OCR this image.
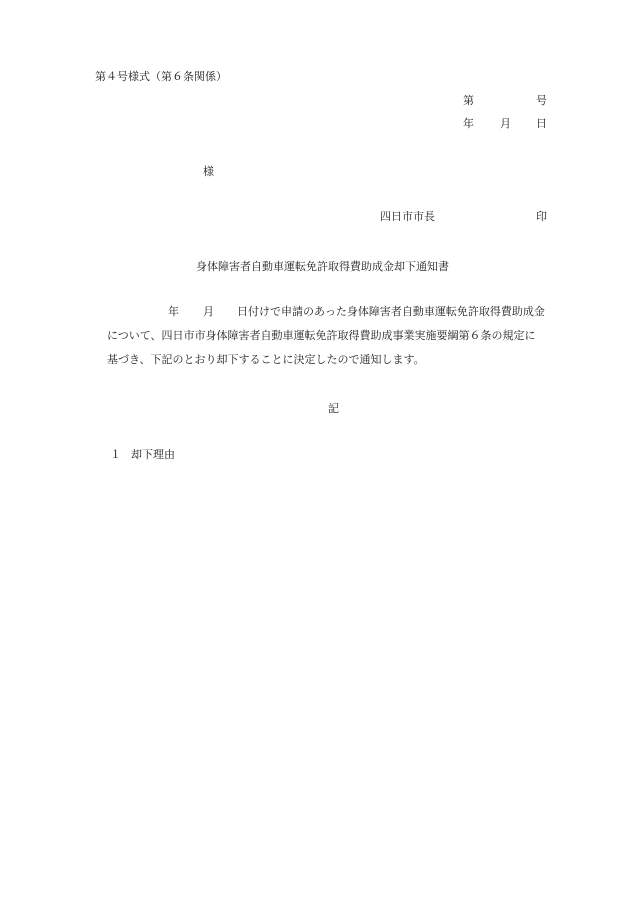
第４号様式（第６条関係）
第	号
年 月 日
様
四日市市長	印
身体障害者自動車運転免許取得費助成金却下通知書
年 月 日付けで申請のあった身体障害者自動車運転免許取得費助成金
について、四日市市身体障害者自動車運転免許取得費助成事業実施要綱第６条の規定に
基づき、下記のとおり却下することに決定したので通知します。
記
１ 却下理由
